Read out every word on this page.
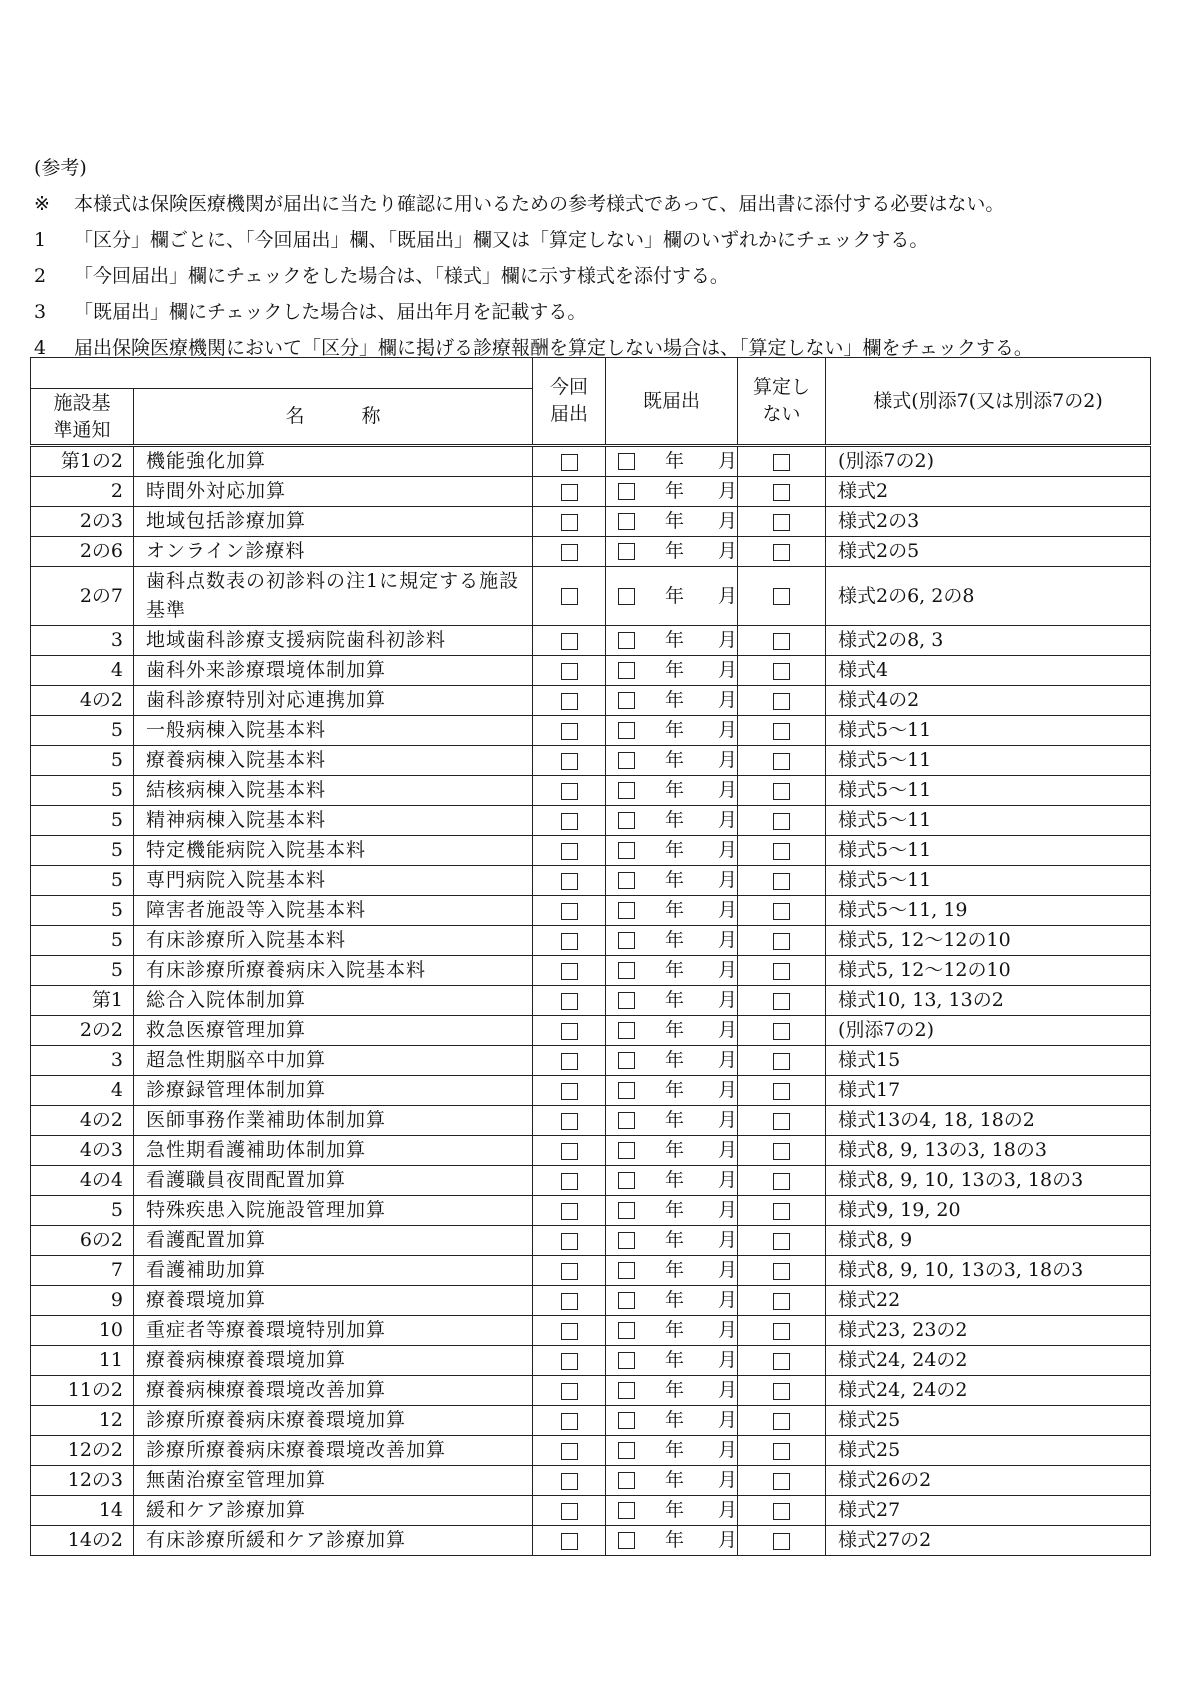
(参考)
※ 本様式は保険医療機関が届出に当たり確認に用いるための参考様式であって、届出書に添付する必要はない。
1 「区分」欄ごとに、「今回届出」欄、「既届出」欄又は「算定しない」欄のいずれかにチェックする。
2 「今回届出」欄にチェックをした場合は、「様式」欄に示す様式を添付する。
3 「既届出」欄にチェックした場合は、届出年月を記載する。
4 届出保険医療機関において「区分」欄に掲げる診療報酬を算定しない場合は、「算定しない」欄をチェックする。
		今回届出	既届出	算定しない	様式(別添7(又は別添7の2)
施設基準通知	名　　　称				
第1の2	機能強化加算		年 月		(別添7の2)
2	時間外対応加算		年 月		様式2
2の3	地域包括診療加算		年 月		様式2の3
2の6	オンライン診療料		年 月		様式2の5
2の7	歯科点数表の初診料の注1に規定する施設基準		年 月		様式2の6, 2の8
3	地域歯科診療支援病院歯科初診料		年 月		様式2の8, 3
4	歯科外来診療環境体制加算		年 月		様式4
4の2	歯科診療特別対応連携加算		年 月		様式4の2
5	一般病棟入院基本料		年 月		様式5～11
5	療養病棟入院基本料		年 月		様式5～11
5	結核病棟入院基本料		年 月		様式5～11
5	精神病棟入院基本料		年 月		様式5～11
5	特定機能病院入院基本料		年 月		様式5～11
5	専門病院入院基本料		年 月		様式5～11
5	障害者施設等入院基本料		年 月		様式5～11, 19
5	有床診療所入院基本料		年 月		様式5, 12～12の10
5	有床診療所療養病床入院基本料		年 月		様式5, 12～12の10
第1	総合入院体制加算		年 月		様式10, 13, 13の2
2の2	救急医療管理加算		年 月		(別添7の2)
3	超急性期脳卒中加算		年 月		様式15
4	診療録管理体制加算		年 月		様式17
4の2	医師事務作業補助体制加算		年 月		様式13の4, 18, 18の2
4の3	急性期看護補助体制加算		年 月		様式8, 9, 13の3, 18の3
4の4	看護職員夜間配置加算		年 月		様式8, 9, 10, 13の3, 18の3
5	特殊疾患入院施設管理加算		年 月		様式9, 19, 20
6の2	看護配置加算		年 月		様式8, 9
7	看護補助加算		年 月		様式8, 9, 10, 13の3, 18の3
9	療養環境加算		年 月		様式22
10	重症者等療養環境特別加算		年 月		様式23, 23の2
11	療養病棟療養環境加算		年 月		様式24, 24の2
11の2	療養病棟療養環境改善加算		年 月		様式24, 24の2
12	診療所療養病床療養環境加算		年 月		様式25
12の2	診療所療養病床療養環境改善加算		年 月		様式25
12の3	無菌治療室管理加算		年 月		様式26の2
14	緩和ケア診療加算		年 月		様式27
14の2	有床診療所緩和ケア診療加算		年 月		様式27の2
